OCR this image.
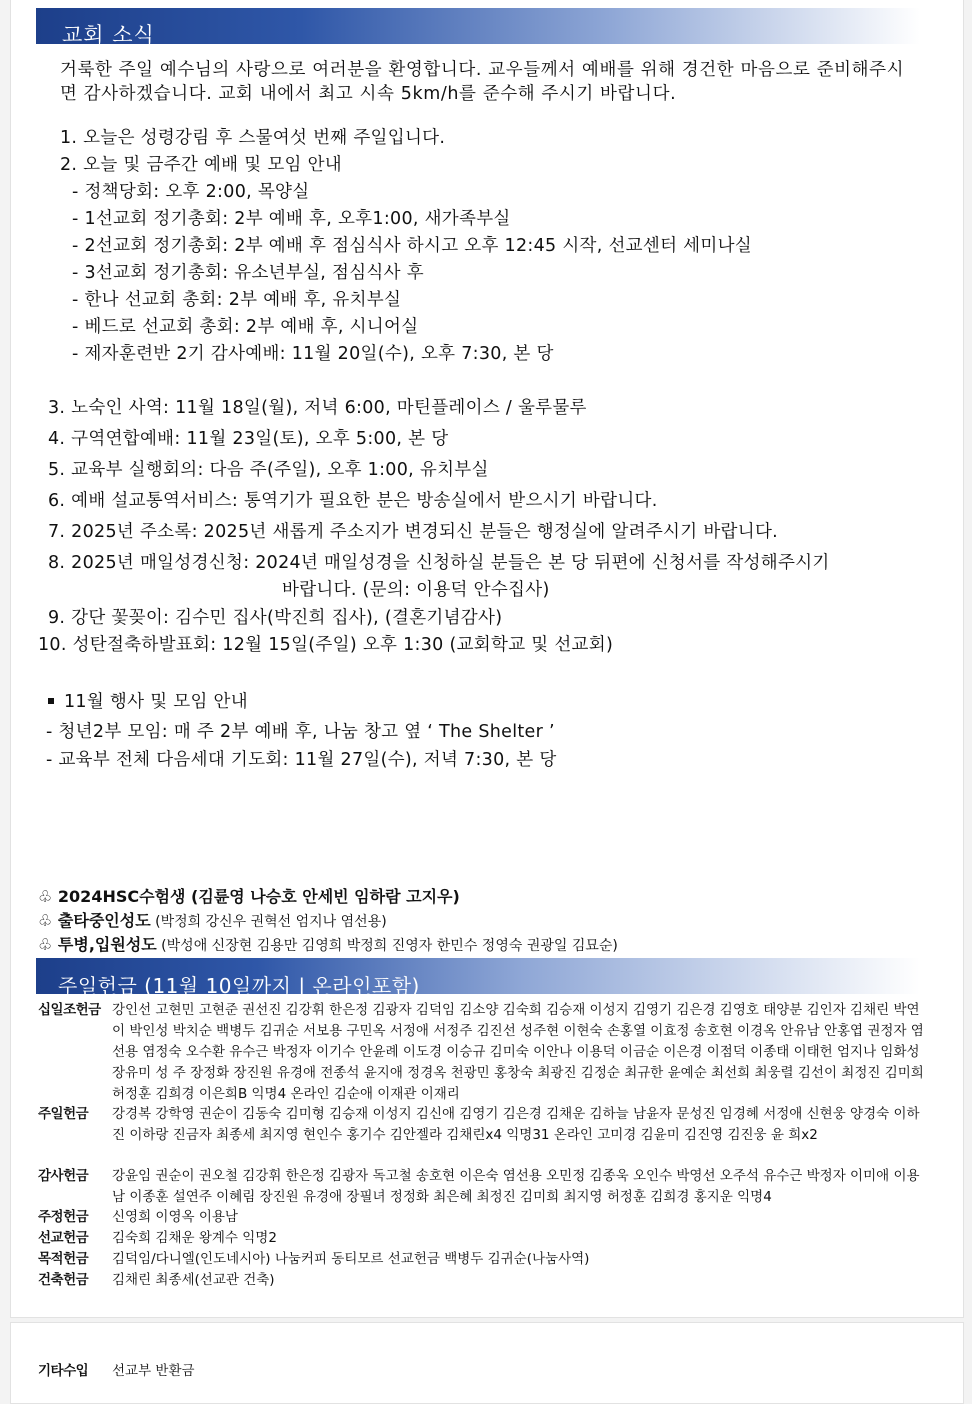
교회 소식
거룩한 주일 예수님의 사랑으로 여러분을 환영합니다. 교우들께서 예배를 위해 경건한 마음으로 준비해주시면 감사하겠습니다. 교회 내에서 최고 시속 5km/h를 준수해 주시기 바랍니다.
1. 오늘은 성령강림 후 스물여섯 번째 주일입니다.
2. 오늘 및 금주간 예배 및 모임 안내
- 정책당회: 오후 2:00, 목양실
- 1선교회 정기총회: 2부 예배 후, 오후1:00, 새가족부실
- 2선교회 정기총회: 2부 예배 후 점심식사 하시고 오후 12:45 시작, 선교센터 세미나실
- 3선교회 정기총회: 유소년부실, 점심식사 후
- 한나 선교회 총회: 2부 예배 후, 유치부실
- 베드로 선교회 총회: 2부 예배 후, 시니어실
- 제자훈련반 2기 감사예배: 11월 20일(수), 오후 7:30, 본 당
3. 노숙인 사역: 11월 18일(월), 저녁 6:00, 마틴플레이스 / 울루물루
4. 구역연합예배: 11월 23일(토), 오후 5:00, 본 당
5. 교육부 실행회의: 다음 주(주일), 오후 1:00, 유치부실
6. 예배 설교통역서비스: 통역기가 필요한 분은 방송실에서 받으시기 바랍니다.
7. 2025년 주소록: 2025년 새롭게 주소지가 변경되신 분들은 행정실에 알려주시기 바랍니다.
8. 2025년 매일성경신청: 2024년 매일성경을 신청하실 분들은 본 당 뒤편에 신청서를 작성해주시기
바랍니다. (문의: 이용덕 안수집사)
9. 강단 꽃꽂이: 김수민 집사(박진희 집사), (결혼기념감사)
10. 성탄절축하발표회: 12월 15일(주일) 오후 1:30 (교회학교 및 선교회)
11월 행사 및 모임 안내
- 청년2부 모임: 매 주 2부 예배 후, 나눔 창고 옆 ‘ The Shelter ’
- 교육부 전체 다음세대 기도회: 11월 27일(수), 저녁 7:30, 본 당
♧ 2024HSC수험생 (김륜영 나승호 안세빈 임하람 고지우)
♧ 출타중인성도 (박정희 강신우 권혁선 엄지나 염선용)
♧ 투병,입원성도 (박성애 신장현 김용만 김영희 박정희 진영자 한민수 정영숙 권광일 김묘순)
주일헌금 (11월 10일까지 | 온라인포함)
십일조헌금 강인선 고현민 고현준 권선진 김강휘 한은정 김광자 김덕임 김소양 김숙희 김승재 이성지 김영기 김은경 김영호 태양분 김인자 김채린 박연이 박인성 박치순 백병두 김귀순 서보용 구민옥 서정애 서정주 김진선 성주현 이현숙 손홍열 이효정 송호현 이경옥 안유남 안홍엽 권정자 염선용 염정숙 오수환 유수근 박정자 이기수 안윤례 이도경 이승규 김미숙 이안나 이용덕 이금순 이은경 이점덕 이종태 이태헌 엄지나 임화성 장유미 성 주 장정화 장진원 유경애 전종석 윤지애 정경옥 천광민 홍창숙 최광진 김정순 최규한 윤예순 최선희 최웅렬 김선이 최정진 김미희 허정훈 김희경 이은희B 익명4 온라인 김순애 이재관 이재리
주일헌금	강경복 강학영 권순이 김동숙 김미형 김승재 이성지 김신애 김영기 김은경 김채운 김하늘 남윤자 문성진 임경혜 서정애 신현웅 양경숙 이하진 이하랑 진금자 최종세 최지영 현인수 홍기수 김안젤라 김채린x4 익명31 온라인 고미경 김윤미 김진영 김진웅 윤 희x2
감사헌금	강윤임 권순이 권오철 김강휘 한은정 김광자 독고철 송호현 이은숙 염선용 오민정 김종욱 오인수 박영선 오주석 유수근 박정자 이미애 이용남 이종훈 설연주 이혜림 장진원 유경애 장필녀 정정화 최은혜 최정진 김미희 최지영 허정훈 김희경 홍지운 익명4
주정헌금	신영희 이영옥 이용남
선교헌금	김숙희 김채운 왕계수 익명2
목적헌금	김덕임/다니엘(인도네시아) 나눔커피 동티모르 선교헌금 백병두 김귀순(나눔사역)
건축헌금	김채린 최종세(선교관 건축)
기타수입	선교부 반환금
